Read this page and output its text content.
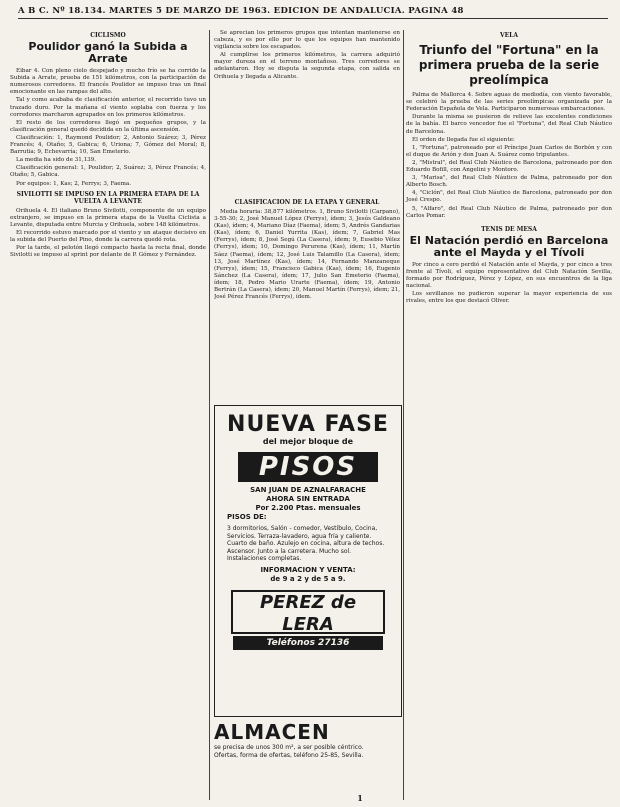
A B C. Nº 18.134. MARTES 5 DE MARZO DE 1963. EDICION DE ANDALUCIA. PAGINA 48
CICLISMO
Poulidor ganó la Subida a Arrate

Eibar 4. Con pleno cielo despejado y mucho frío se ha corrido la Subida a Arrate, prueba de 151 kilómetros, con la participación de numerosos corredores. El francés Poulidor se impuso tras un final emocionante en las rampas del alto.

Tal y como acababa de clasificación anterior, el recorrido tuvo un trazado duro. Por la mañana el viento soplaba con fuerza y los corredores marcharon agrupados en los primeros kilómetros.

El resto de los corredores llegó en pequeños grupos, y la clasificación general quedó decidida en la última ascensión.

Clasificación: 1, Raymond Poulidor; 2, Antonio Suárez; 3, Pérez Francés; 4, Otaño; 5, Gabica; 6, Uriona; 7, Gómez del Moral; 8, Barrutia; 9, Echevarría; 10, San Emeterio.

La media ha sido de 31,139.

Clasificación general: 1, Poulidor; 2, Suárez; 3, Pérez Francés; 4, Otaño; 5, Gabica.

Por equipos: 1, Kas; 2, Ferrys; 3, Faema.

SIVILOTTI SE IMPUSO EN LA PRIMERA ETAPA DE LA VUELTA A LEVANTE

Orihuela 4. El italiano Bruno Sivilotti, componente de un equipo extranjero, se impuso en la primera etapa de la Vuelta Ciclista a Levante, disputada entre Murcia y Orihuela, sobre 148 kilómetros.

El recorrido estuvo marcado por el viento y un ataque decisivo en la subida del Puerto del Pino, donde la carrera quedó rota.

Por la tarde, el pelotón llegó compacto hasta la recta final, donde Sivilotti se impuso al sprint por delante de P. Gómez y Fernández.

Se aprecian los primeros grupos que intentan mantenerse en cabeza, y es por ello por lo que los equipos han mantenido vigilancia sobre los escapados.

Al cumplirse los primeros kilómetros, la carrera adquirió mayor dureza en el terreno montañoso. Tres corredores se adelantaron. Hoy se disputa la segunda etapa, con salida en Orihuela y llegada a Alicante.

CLASIFICACION DE LA ETAPA Y GENERAL

Media horaria: 38,877 kilómetros. 1, Bruno Sivilotti (Carpano), 3-55-30; 2, José Manuel López (Ferrys), ídem; 3, Jesús Galdeano (Kas), ídem; 4, Mariano Díaz (Faema), ídem; 5, Andrés Gandarias (Kas), ídem; 6, Daniel Yurrita (Kas), ídem; 7, Gabriel Mas (Ferrys), ídem; 8, José Segú (La Casera), ídem; 9, Eusebio Vélez (Ferrys), ídem; 10, Domingo Perurena (Kas), ídem; 11, Martín Sáez (Faema), ídem; 12, José Luis Talamillo (La Casera), ídem; 13, José Martínez (Kas), ídem; 14, Fernando Manzaneque (Ferrys), ídem; 15, Francisco Gabica (Kas), ídem; 16, Eugenio Sánchez (La Casera), ídem; 17, Julio San Emeterio (Faema), ídem; 18, Pedro Mario Urarte (Faema), ídem; 19, Antonio Bertrán (La Casera), ídem; 20, Manuel Martín (Ferrys), ídem; 21, José Pérez Francés (Ferrys), ídem.

NUEVA FASE
del mejor bloque de
PISOS
SAN JUAN DE AZNALFARACHE
AHORA SIN ENTRADA
Por 2.200 Ptas. mensuales
PISOS DE:
3 dormitorios, Salón - comedor, Vestíbulo, Cocina, Servicios. Terraza-lavadero, agua fría y caliente. Cuarto de baño. Azulejo en cocina, altura de techos. Ascensor. Junto a la carretera. Mucho sol. Instalaciones completas.
INFORMACION Y VENTA:
de 9 a 2 y de 5 a 9.
PEREZ de LERA
Teléfonos 27136
ALMACEN
se precisa de unos 300 m², a ser posible céntrico.
Ofertas, forma de ofertas, teléfono 25-85, Sevilla.
VELA
Triunfo del "Fortuna" en la primera prueba de la serie preolímpica

Palma de Mallorca 4. Sobre aguas de mediodía, con viento favorable, se celebró la prueba de las series preolímpicas organizada por la Federación Española de Vela. Participaron numerosas embarcaciones.

Durante la misma se pusieron de relieve las excelentes condiciones de la bahía. El barco vencedor fue el "Fortuna", del Real Club Náutico de Barcelona.

El orden de llegada fue el siguiente:

1, "Fortuna", patroneado por el Príncipe Juan Carlos de Borbón y con el duque de Arión y don Juan A. Suárez como tripulantes.

2, "Mistral", del Real Club Náutico de Barcelona, patroneado por don Eduardo Bofill, con Angelini y Montoro.

3, "Marisa", del Real Club Náutico de Palma, patroneado por don Alberto Bosch.

4, "Ciclón", del Real Club Náutico de Barcelona, patroneado por don José Crespo.

5, "Alfaro", del Real Club Náutico de Palma, patroneado por don Carlos Pomar.

TENIS DE MESA
El Natación perdió en Barcelona ante el Mayda y el Tívoli

Por cinco a cero perdió el Natación ante el Mayda, y por cinco a tres frente al Tívoli, el equipo representativo del Club Natación Sevilla, formado por Rodríguez, Pérez y López, en sus encuentros de la liga nacional.

Los sevillanos no pudieron superar la mayor experiencia de sus rivales, entre los que destacó Oliver.

1
